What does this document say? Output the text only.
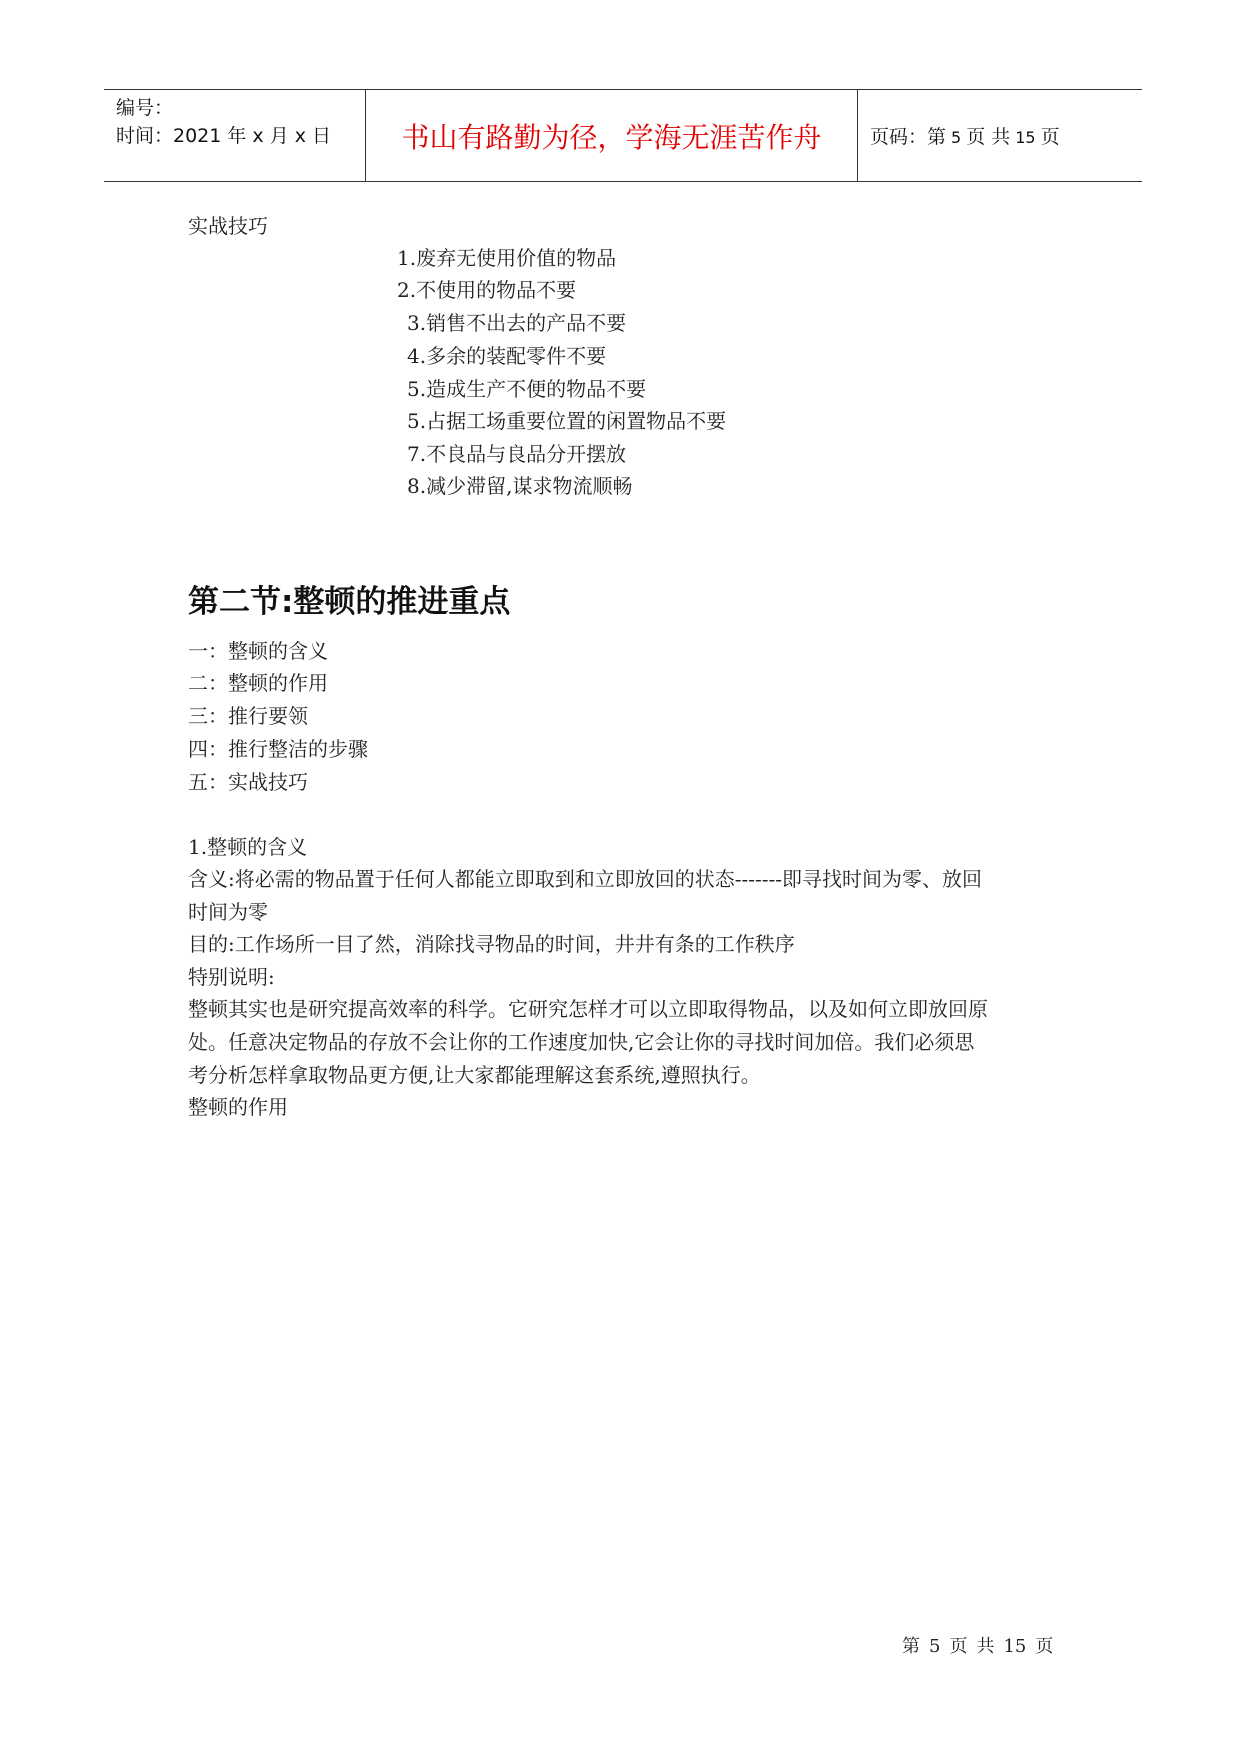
编号：
时间：2021 年 x 月 x 日	书山有路勤为径，学海无涯苦作舟	页码：第 5 页 共 15 页
实战技巧
1.废弃无使用价值的物品
2.不使用的物品不要
3.销售不出去的产品不要
4.多余的装配零件不要
5.造成生产不便的物品不要
5.占据工场重要位置的闲置物品不要
7.不良品与良品分开摆放
8.减少滞留,谋求物流顺畅
第二节:整顿的推进重点
一：整顿的含义
二：整顿的作用
三：推行要领
四：推行整洁的步骤
五：实战技巧
1.整顿的含义
含义:将必需的物品置于任何人都能立即取到和立即放回的状态-------即寻找时间为零、放回
时间为零
目的:工作场所一目了然，消除找寻物品的时间，井井有条的工作秩序
特别说明:
整顿其实也是研究提高效率的科学。它研究怎样才可以立即取得物品，以及如何立即放回原
处。任意决定物品的存放不会让你的工作速度加快,它会让你的寻找时间加倍。我们必须思
考分析怎样拿取物品更方便,让大家都能理解这套系统,遵照执行。
整顿的作用
第 5 页 共 15 页
